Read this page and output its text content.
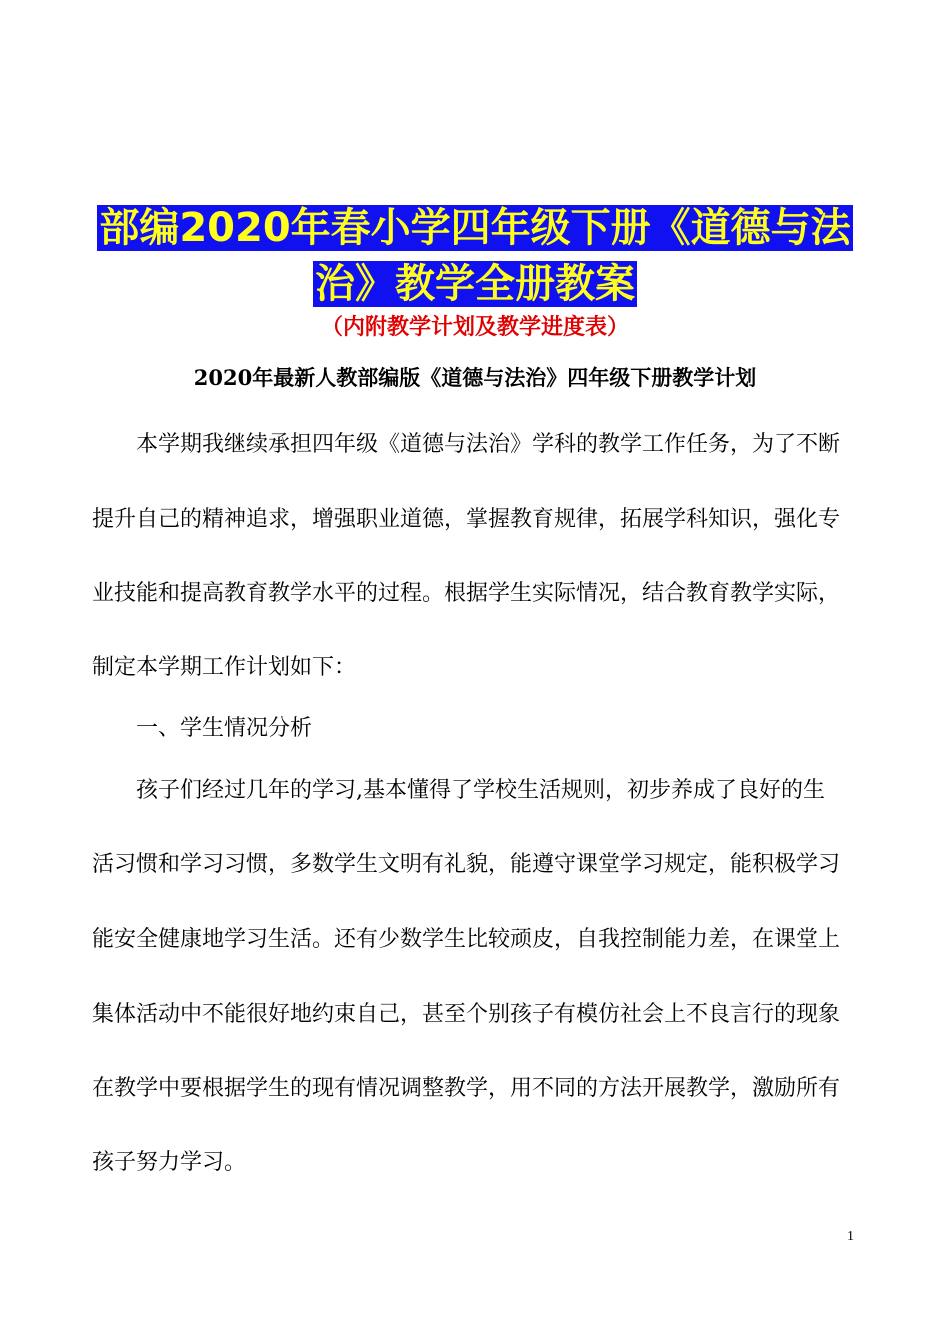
部编2020年春小学四年级下册《道德与法
治》教学全册教案
（内附教学计划及教学进度表）
2020年最新人教部编版《道德与法治》四年级下册教学计划
本学期我继续承担四年级《道德与法治》学科的教学工作任务，为了不断
提升自己的精神追求，增强职业道德，掌握教育规律，拓展学科知识，强化专
业技能和提高教育教学水平的过程。根据学生实际情况，结合教育教学实际，
制定本学期工作计划如下：
一、学生情况分析
孩子们经过几年的学习,基本懂得了学校生活规则，初步养成了良好的生
活习惯和学习习惯，多数学生文明有礼貌，能遵守课堂学习规定，能积极学习
能安全健康地学习生活。还有少数学生比较顽皮，自我控制能力差，在课堂上
集体活动中不能很好地约束自己，甚至个别孩子有模仿社会上不良言行的现象
在教学中要根据学生的现有情况调整教学，用不同的方法开展教学，激励所有
孩子努力学习。
1
